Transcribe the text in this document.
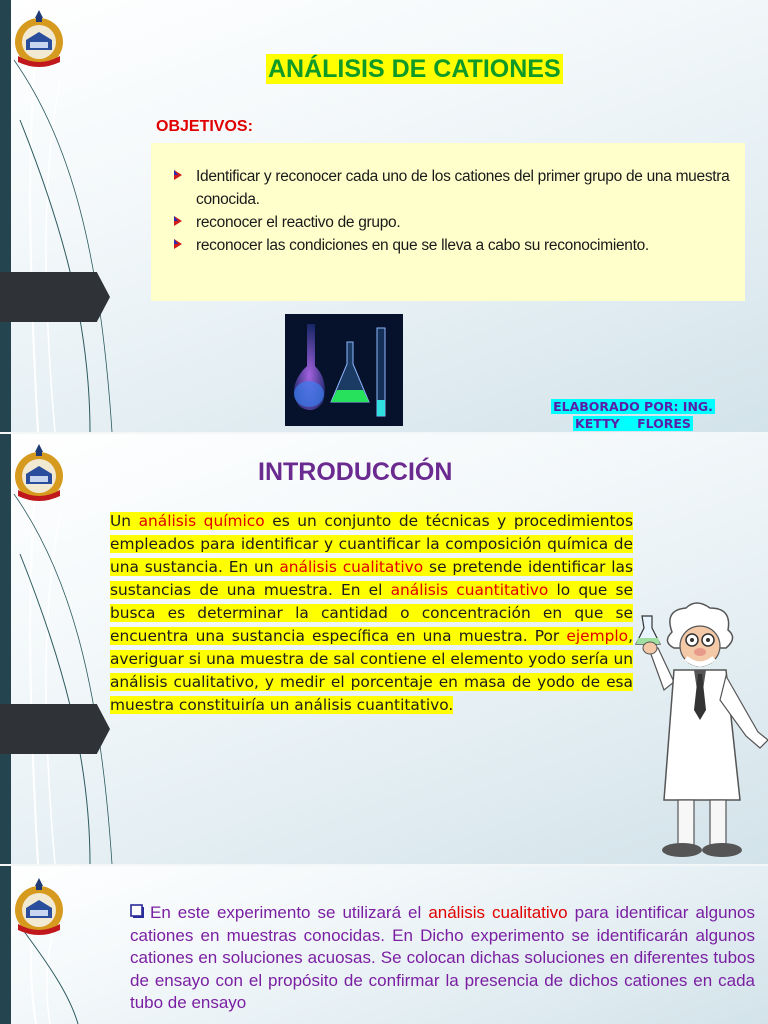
ANÁLISIS DE CATIONES
OBJETIVOS:
Identificar y reconocer cada uno de los cationes del primer grupo de una muestra conocida.
reconocer el reactivo de grupo.
reconocer las condiciones en que se lleva a cabo su reconocimiento.
ELABORADO POR: ING.
KETTY    FLORES
INTRODUCCIÓN

Un análisis químico es un conjunto de técnicas y procedimientos empleados para identificar y cuantificar la composición química de una sustancia. En un análisis cualitativo se pretende identificar las sustancias de una muestra. En el análisis cuantitativo lo que se busca es determinar la cantidad o concentración en que se encuentra una sustancia específica en una muestra. Por ejemplo, averiguar si una muestra de sal contiene el elemento yodo sería un análisis cualitativo, y medir el porcentaje en masa de yodo de esa muestra constituiría un análisis cuantitativo.

En este experimento se utilizará el análisis cualitativo para identificar algunos cationes en muestras conocidas. En Dicho experimento se identificarán algunos cationes en soluciones acuosas. Se colocan dichas soluciones en diferentes tubos de ensayo con el propósito de confirmar la presencia de dichos cationes en cada tubo de ensayo
